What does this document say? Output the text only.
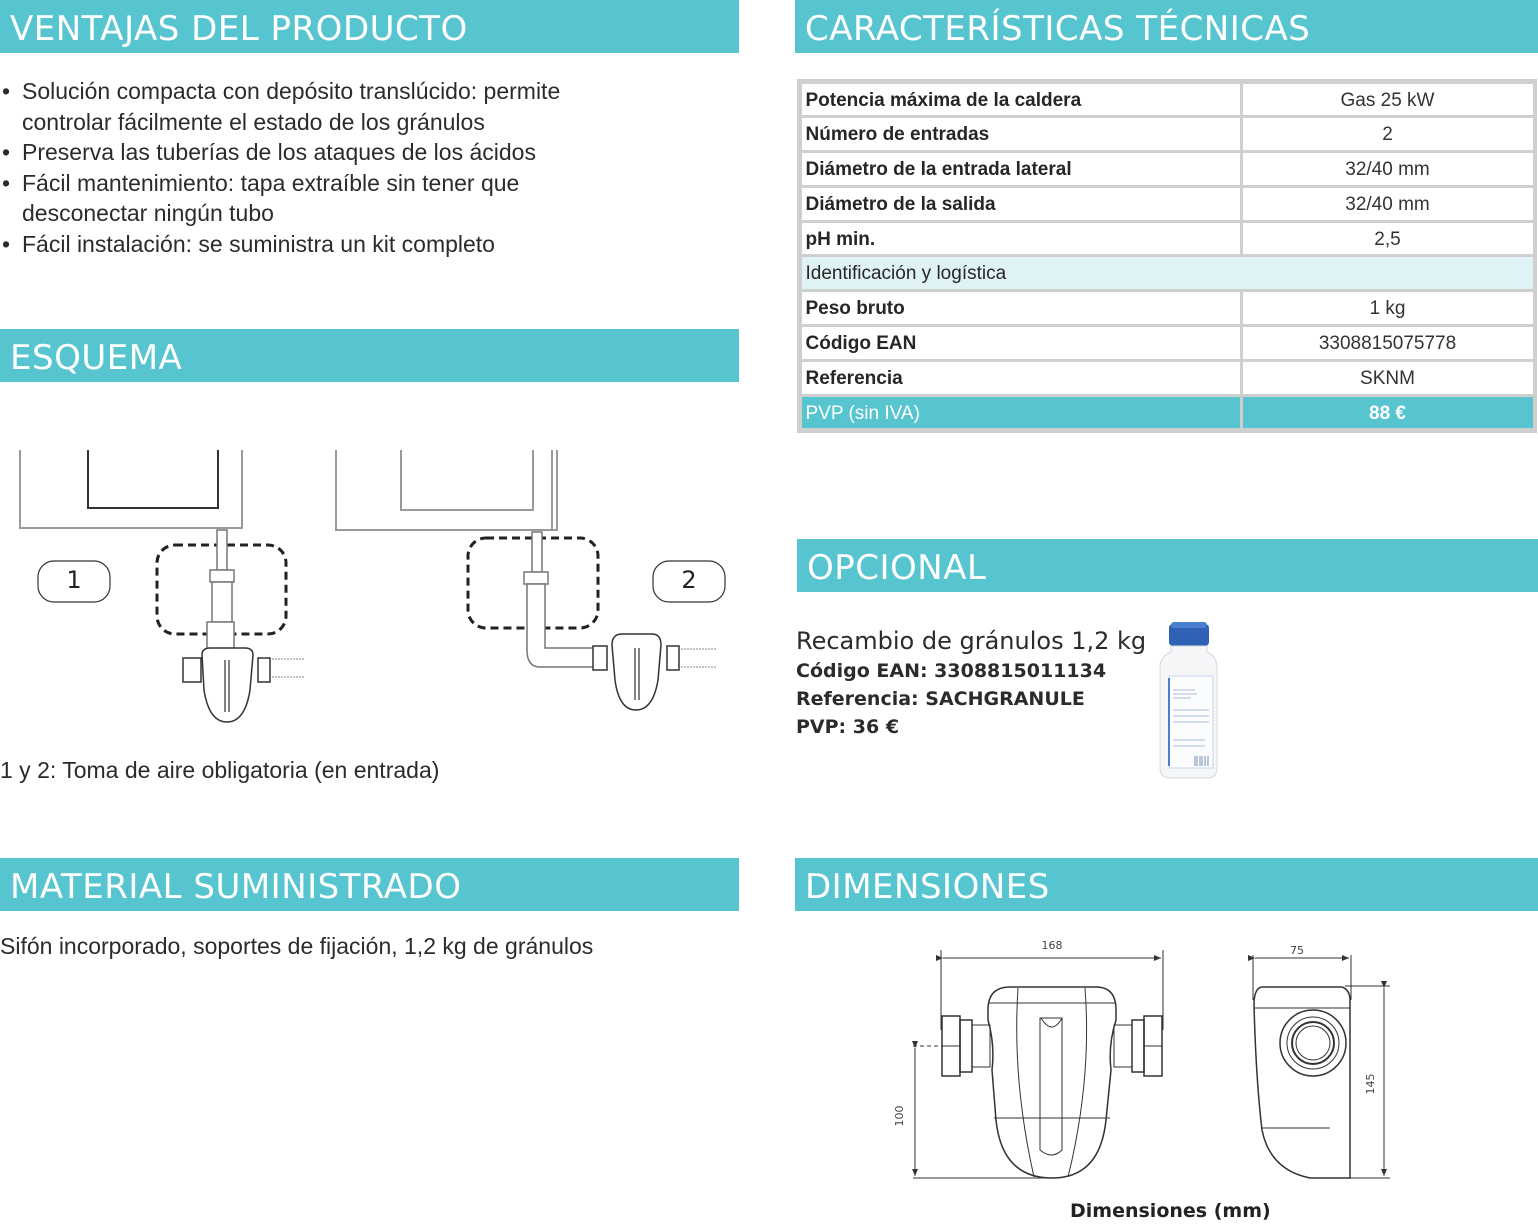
VENTAJAS DEL PRODUCTO
• Solución compacta con depósito translúcido: permite
controlar fácilmente el estado de los gránulos
• Preserva las tuberías de los ataques de los ácidos
• Fácil mantenimiento: tapa extraíble sin tener que
desconectar ningún tubo
• Fácil instalación: se suministra un kit completo
ESQUEMA
1	2
1 y 2: Toma de aire obligatoria (en entrada)
MATERIAL SUMINISTRADO
Sifón incorporado, soportes de fijación, 1,2 kg de gránulos
CARACTERÍSTICAS TÉCNICAS
Potencia máxima de la caldera	Gas 25 kW
Número de entradas	2
Diámetro de la entrada lateral	32/40 mm
Diámetro de la salida	32/40 mm
pH min.	2,5
Identificación y logística
Peso bruto	1 kg
Código EAN	3308815075778
Referencia	SKNM
PVP (sin IVA)	88 €
OPCIONAL
Recambio de gránulos 1,2 kg
Código EAN: 3308815011134
Referencia: SACHGRANULE
PVP: 36 €
DIMENSIONES
168	75
100
145
Dimensiones (mm)
